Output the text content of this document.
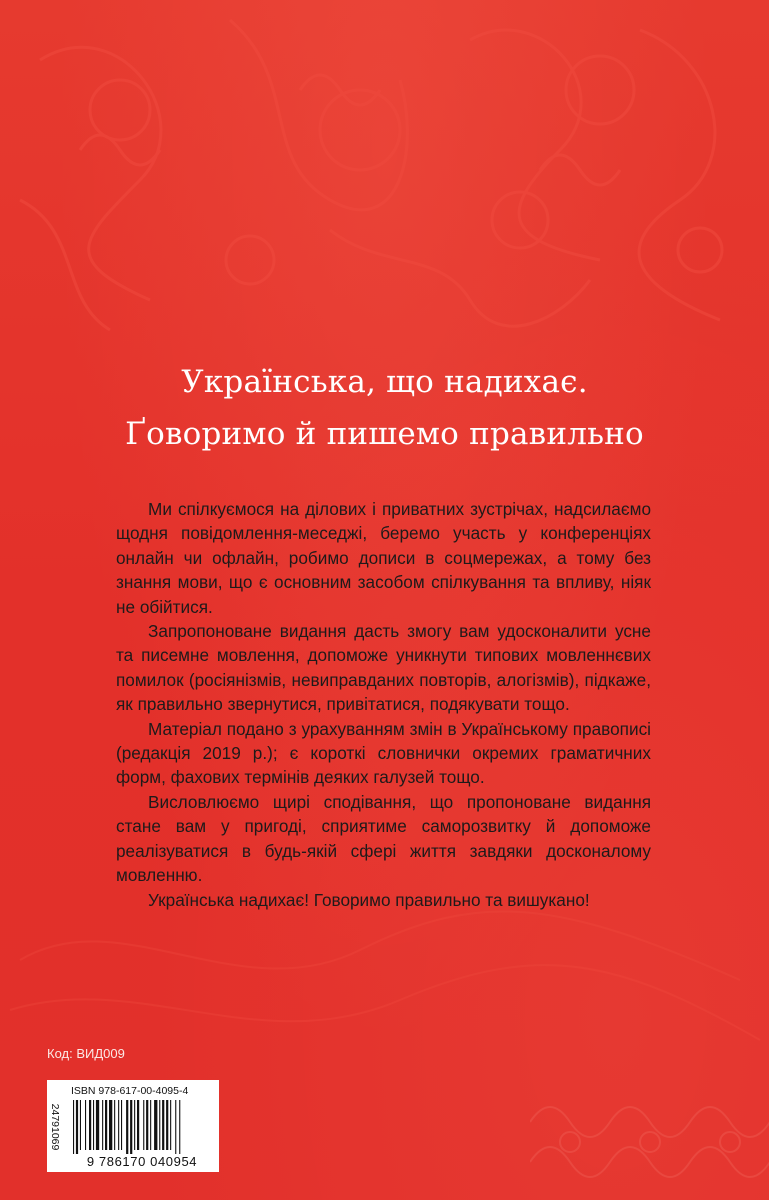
Українська, що надихає.
Ґоворимо й пишемо правильно

Ми спілкуємося на ділових і приватних зустрічах, надсилаємо щодня повідомлення-меседжі, беремо участь у конференціях онлайн чи офлайн, робимо дописи в соцмережах, а тому без знання мови, що є основним засобом спілкування та впливу, ніяк не обійтися.

Запропоноване видання дасть змогу вам удосконалити усне та писемне мовлення, допоможе уникнути типових мовленнєвих помилок (росіянізмів, невиправданих повторів, алогізмів), підкаже, як правильно звернутися, привітатися, подякувати тощо.

Матеріал подано з урахуванням змін в Українському правописі (редакція 2019 р.); є короткі словнички окремих граматичних форм, фахових термінів деяких галузей тощо.

Висловлюємо щирі сподівання, що пропоноване видання стане вам у пригоді, сприятиме саморозвитку й допоможе реалізуватися в будь-якій сфері життя завдяки досконалому мовленню.

Українська надихає! Говоримо правильно та вишукано!

Код: ВИД009
ISBN 978-617-00-4095-4
24791069
9 786170 040954
